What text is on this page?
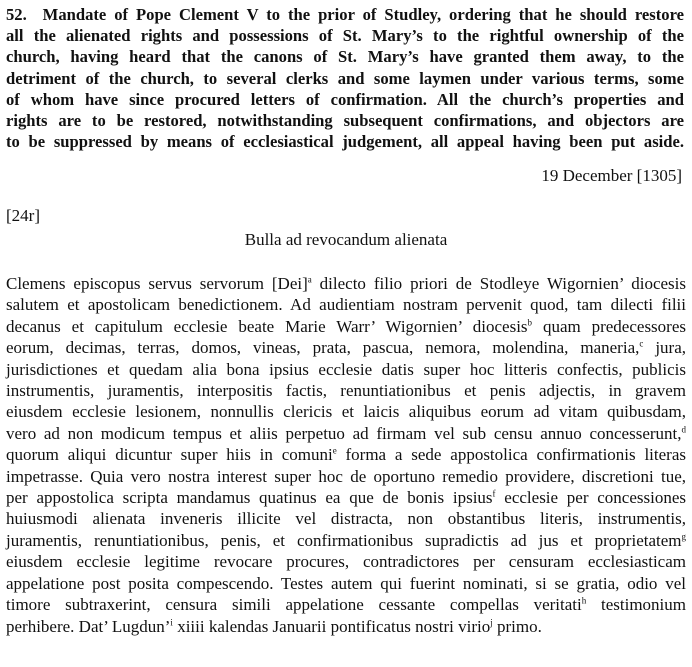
52. Mandate of Pope Clement V to the prior of Studley, ordering that he should restore
all the alienated rights and possessions of St. Mary’s to the rightful ownership of the
church, having heard that the canons of St. Mary’s have granted them away, to the
detriment of the church, to several clerks and some laymen under various terms, some
of whom have since procured letters of confirmation. All the church’s properties and
rights are to be restored, notwithstanding subsequent confirmations, and objectors are
to be suppressed by means of ecclesiastical judgement, all appeal having been put aside.
19 December [1305]
[24r]
Bulla ad revocandum alienata
Clemens episcopus servus servorum [Dei]$^a$ dilecto filio priori de Stodleye Wigornien’ diocesis
salutem et apostolicam benedictionem. Ad audientiam nostram pervenit quod, tam dilecti filii
decanus et capitulum ecclesie beate Marie Warr’ Wigornien’ diocesis$^b$ quam predecessores
eorum, decimas, terras, domos, vineas, prata, pascua, nemora, molendina, maneria,$^c$ jura,
jurisdictiones et quedam alia bona ipsius ecclesie datis super hoc litteris confectis, publicis
instrumentis, juramentis, interpositis factis, renuntiationibus et penis adjectis, in gravem
eiusdem ecclesie lesionem, nonnullis clericis et laicis aliquibus eorum ad vitam quibusdam,
vero ad non modicum tempus et aliis perpetuo ad firmam vel sub censu annuo concesserunt,$^d$
quorum aliqui dicuntur super hiis in comuni$^e$ forma a sede appostolica confirmationis literas
impetrasse. Quia vero nostra interest super hoc de oportuno remedio providere, discretioni tue,
per appostolica scripta mandamus quatinus ea que de bonis ipsius$^f$ ecclesie per concessiones
huiusmodi alienata inveneris illicite vel distracta, non obstantibus literis, instrumentis,
juramentis, renuntiationibus, penis, et confirmationibus supradictis ad jus et proprietatem$^g$
eiusdem ecclesie legitime revocare procures, contradictores per censuram ecclesiasticam
appelatione post posita compescendo. Testes autem qui fuerint nominati, si se gratia, odio vel
timore subtraxerint, censura simili appelatione cessante compellas veritati$^h$ testimonium
perhibere. Dat’ Lugdun’$^i$ xiiii kalendas Januarii pontificatus nostri virio$^j$ primo.
